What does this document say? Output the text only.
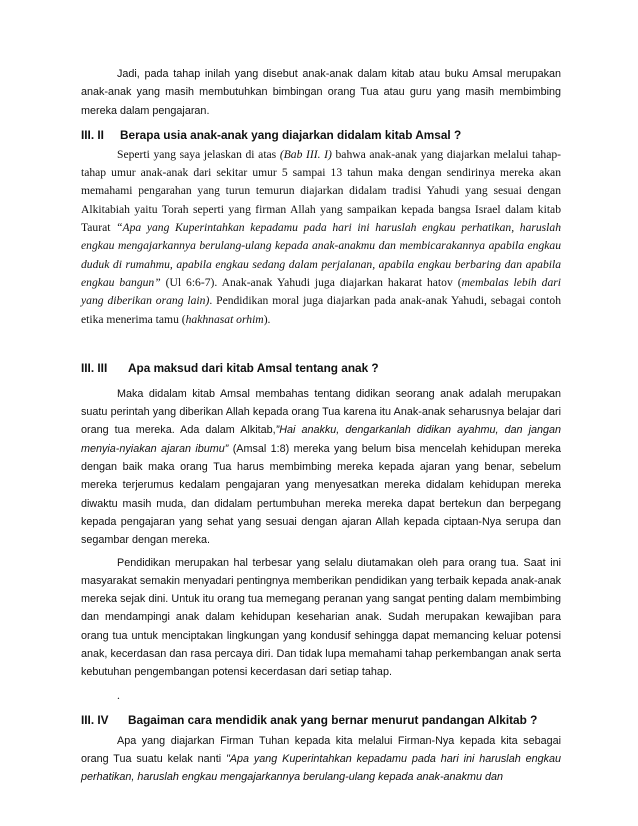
Jadi, pada tahap inilah yang disebut anak-anak dalam kitab atau buku Amsal merupakan anak-anak yang masih membutuhkan bimbingan orang Tua atau guru yang masih membimbing mereka dalam pengajaran.

III. II Berapa usia anak-anak yang diajarkan didalam kitab Amsal ?

Seperti yang saya jelaskan di atas (Bab III. I) bahwa anak-anak yang diajarkan melalui tahap-tahap umur anak-anak dari sekitar umur 5 sampai 13 tahun maka dengan sendirinya mereka akan memahami pengarahan yang turun temurun diajarkan didalam tradisi Yahudi yang sesuai dengan Alkitabiah yaitu Torah seperti yang firman Allah yang sampaikan kepada bangsa Israel dalam kitab Taurat “Apa yang Kuperintahkan kepadamu pada hari ini haruslah engkau perhatikan, haruslah engkau mengajarkannya berulang-ulang kepada anak-anakmu dan membicarakannya apabila engkau duduk di rumahmu, apabila engkau sedang dalam perjalanan, apabila engkau berbaring dan apabila engkau bangun” (Ul 6:6-7). Anak-anak Yahudi juga diajarkan hakarat hatov (membalas lebih dari yang diberikan orang lain). Pendidikan moral juga diajarkan pada anak-anak Yahudi, sebagai contoh etika menerima tamu (hakhnasat orhim).

III. III Apa maksud dari kitab Amsal tentang anak ?

Maka didalam kitab Amsal membahas tentang didikan seorang anak adalah merupakan suatu perintah yang diberikan Allah kepada orang Tua karena itu Anak-anak seharusnya belajar dari orang tua mereka. Ada dalam Alkitab,”Hai anakku, dengarkanlah didikan ayahmu, dan jangan menyia-nyiakan ajaran ibumu” (Amsal 1:8) mereka yang belum bisa mencelah kehidupan mereka dengan baik maka orang Tua harus membimbing mereka kepada ajaran yang benar, sebelum mereka terjerumus kedalam pengajaran yang menyesatkan mereka didalam kehidupan mereka diwaktu masih muda, dan didalam pertumbuhan mereka mereka dapat bertekun dan berpegang kepada pengajaran yang sehat yang sesuai dengan ajaran Allah kepada ciptaan-Nya serupa dan segambar dengan mereka.

Pendidikan merupakan hal terbesar yang selalu diutamakan oleh para orang tua. Saat ini masyarakat semakin menyadari pentingnya memberikan pendidikan yang terbaik kepada anak-anak mereka sejak dini. Untuk itu orang tua memegang peranan yang sangat penting dalam membimbing dan mendampingi anak dalam kehidupan keseharian anak. Sudah merupakan kewajiban para orang tua untuk menciptakan lingkungan yang kondusif sehingga dapat memancing keluar potensi anak, kecerdasan dan rasa percaya diri. Dan tidak lupa memahami tahap perkembangan anak serta kebutuhan pengembangan potensi kecerdasan dari setiap tahap.

.
III. IV Bagaiman cara mendidik anak yang bernar menurut pandangan Alkitab ?

Apa yang diajarkan Firman Tuhan kepada kita melalui Firman-Nya kepada kita sebagai orang Tua suatu kelak nanti "Apa yang Kuperintahkan kepadamu pada hari ini haruslah engkau perhatikan, haruslah engkau mengajarkannya berulang-ulang kepada anak-anakmu dan
